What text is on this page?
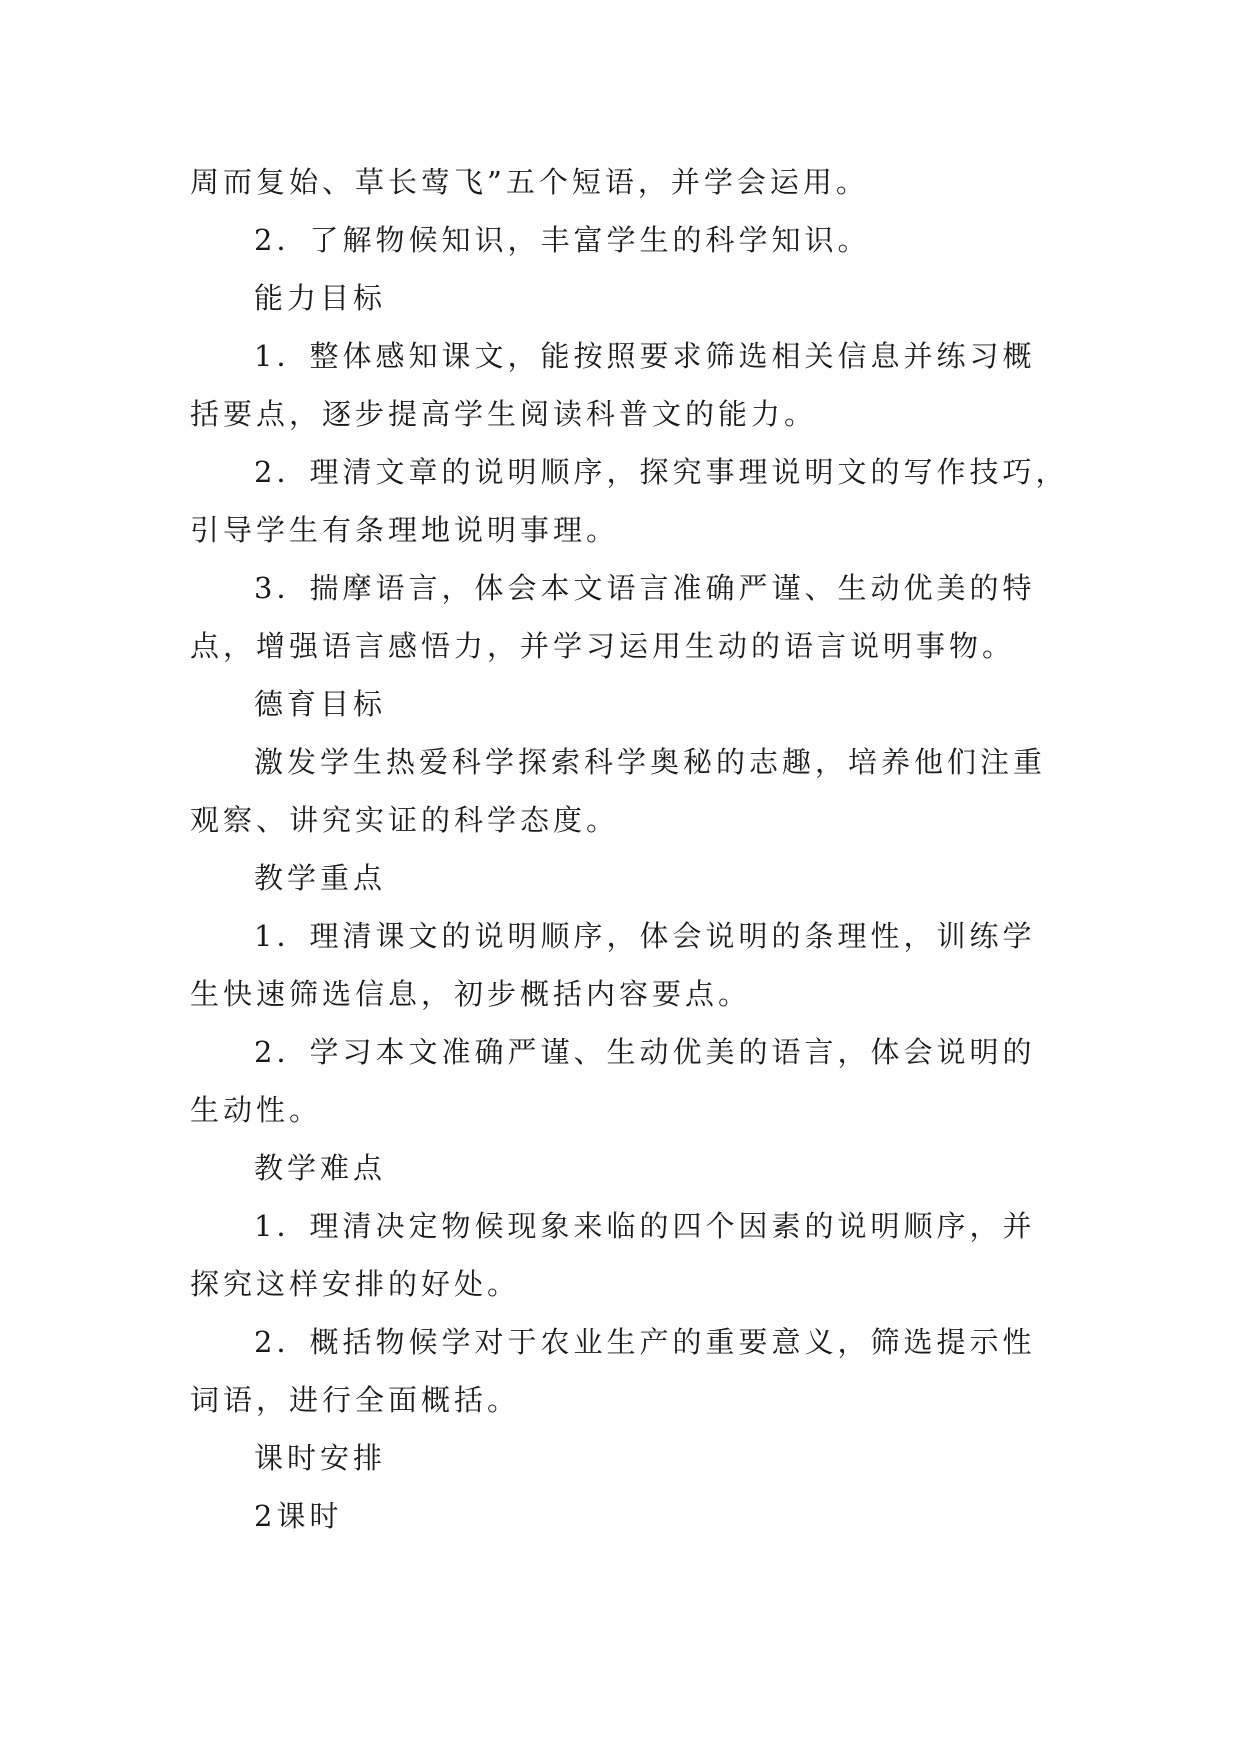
周而复始、草长莺飞”五个短语，并学会运用。
2．了解物候知识，丰富学生的科学知识。
能力目标
1．整体感知课文，能按照要求筛选相关信息并练习概
括要点，逐步提高学生阅读科普文的能力。
2．理清文章的说明顺序，探究事理说明文的写作技巧，
引导学生有条理地说明事理。
3．揣摩语言，体会本文语言准确严谨、生动优美的特
点，增强语言感悟力，并学习运用生动的语言说明事物。
德育目标
激发学生热爱科学探索科学奥秘的志趣，培养他们注重
观察、讲究实证的科学态度。
教学重点
1．理清课文的说明顺序，体会说明的条理性，训练学
生快速筛选信息，初步概括内容要点。
2．学习本文准确严谨、生动优美的语言，体会说明的
生动性。
教学难点
1．理清决定物候现象来临的四个因素的说明顺序，并
探究这样安排的好处。
2．概括物候学对于农业生产的重要意义，筛选提示性
词语，进行全面概括。
课时安排
2课时
